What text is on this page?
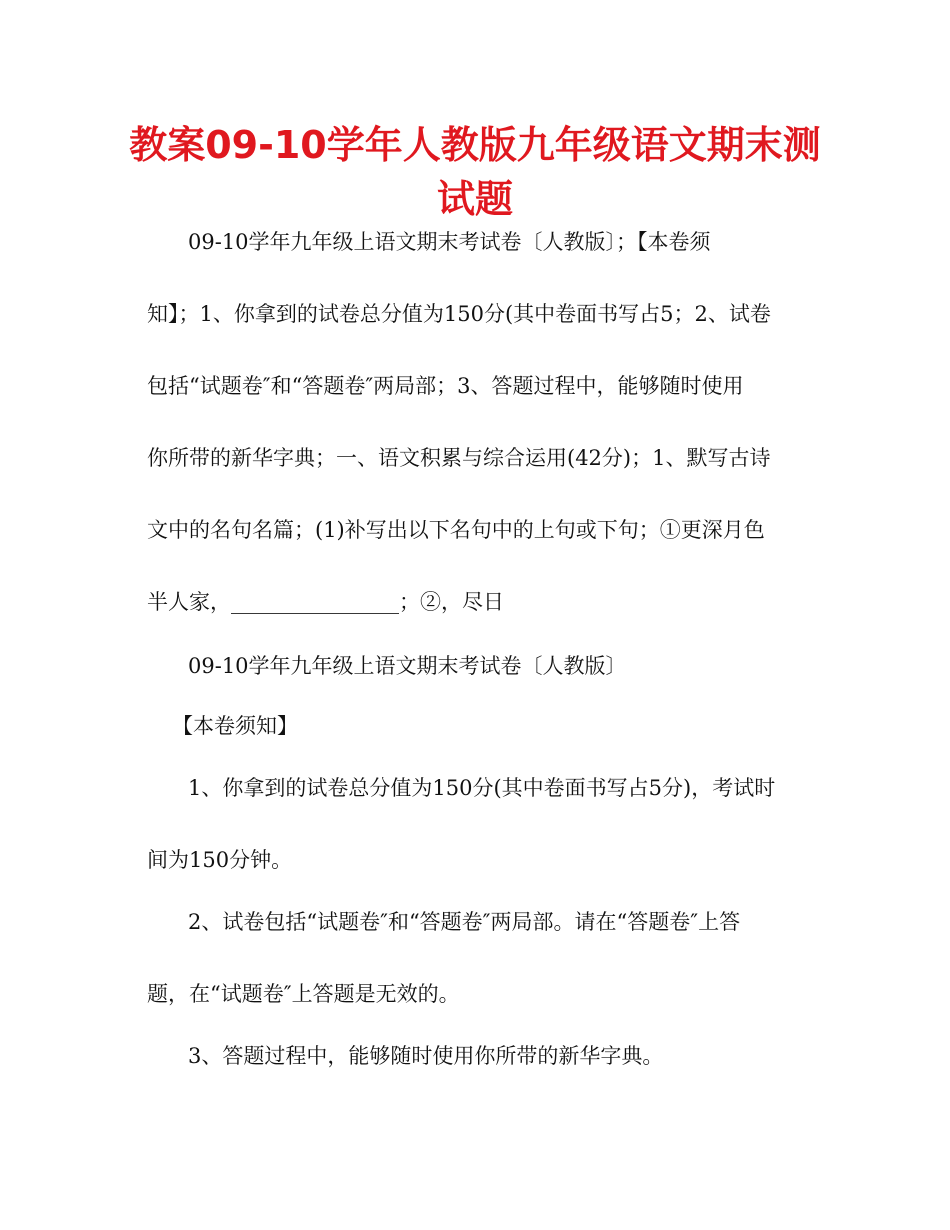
教案09-10学年人教版九年级语文期末测试题
09-10学年九年级上语文期末考试卷〔人教版〕；【本卷须
知】；1、你拿到的试卷总分值为150分(其中卷面书写占5；2、试卷
包括“试题卷″和“答题卷″两局部；3、答题过程中，能够随时使用
你所带的新华字典；一、语文积累与综合运用(42分)；1、默写古诗
文中的名句名篇；(1)补写出以下名句中的上句或下句；①更深月色
半人家，________________；②，尽日
09-10学年九年级上语文期末考试卷〔人教版〕
【本卷须知】
1、你拿到的试卷总分值为150分(其中卷面书写占5分)，考试时
间为150分钟。
2、试卷包括“试题卷″和“答题卷″两局部。请在“答题卷″上答
题，在“试题卷″上答题是无效的。
3、答题过程中，能够随时使用你所带的新华字典。
